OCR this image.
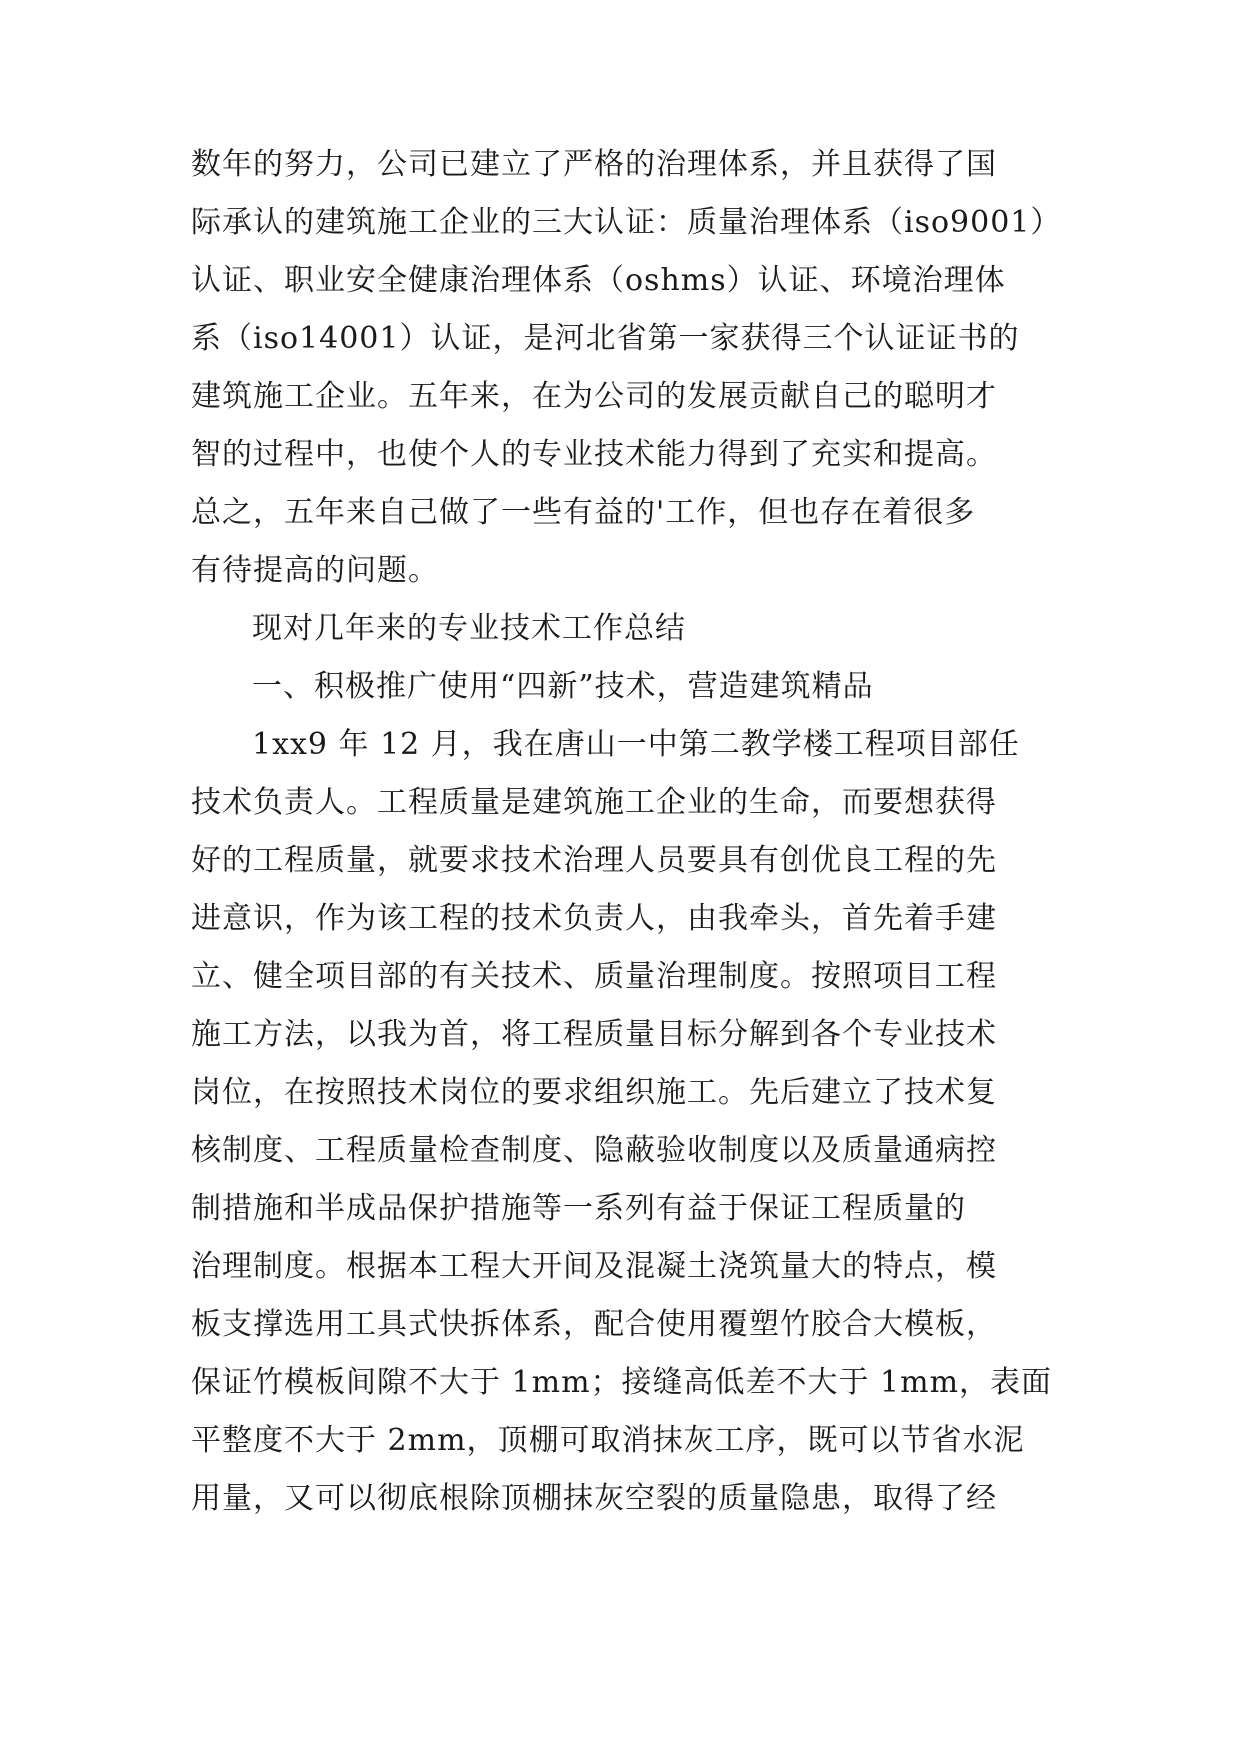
数年的努力，公司已建立了严格的治理体系，并且获得了国
际承认的建筑施工企业的三大认证：质量治理体系（iso9001）
认证、职业安全健康治理体系（oshms）认证、环境治理体
系（iso14001）认证，是河北省第一家获得三个认证证书的
建筑施工企业。五年来，在为公司的发展贡献自己的聪明才
智的过程中，也使个人的专业技术能力得到了充实和提高。
总之，五年来自己做了一些有益的'工作，但也存在着很多
有待提高的问题。
现对几年来的专业技术工作总结
一、积极推广使用“四新”技术，营造建筑精品
1xx9 年 12 月，我在唐山一中第二教学楼工程项目部任
技术负责人。工程质量是建筑施工企业的生命，而要想获得
好的工程质量，就要求技术治理人员要具有创优良工程的先
进意识，作为该工程的技术负责人，由我牵头，首先着手建
立、健全项目部的有关技术、质量治理制度。按照项目工程
施工方法，以我为首，将工程质量目标分解到各个专业技术
岗位，在按照技术岗位的要求组织施工。先后建立了技术复
核制度、工程质量检查制度、隐蔽验收制度以及质量通病控
制措施和半成品保护措施等一系列有益于保证工程质量的
治理制度。根据本工程大开间及混凝土浇筑量大的特点，模
板支撑选用工具式快拆体系，配合使用覆塑竹胶合大模板，
保证竹模板间隙不大于 1mm；接缝高低差不大于 1mm，表面
平整度不大于 2mm，顶棚可取消抹灰工序，既可以节省水泥
用量，又可以彻底根除顶棚抹灰空裂的质量隐患，取得了经
